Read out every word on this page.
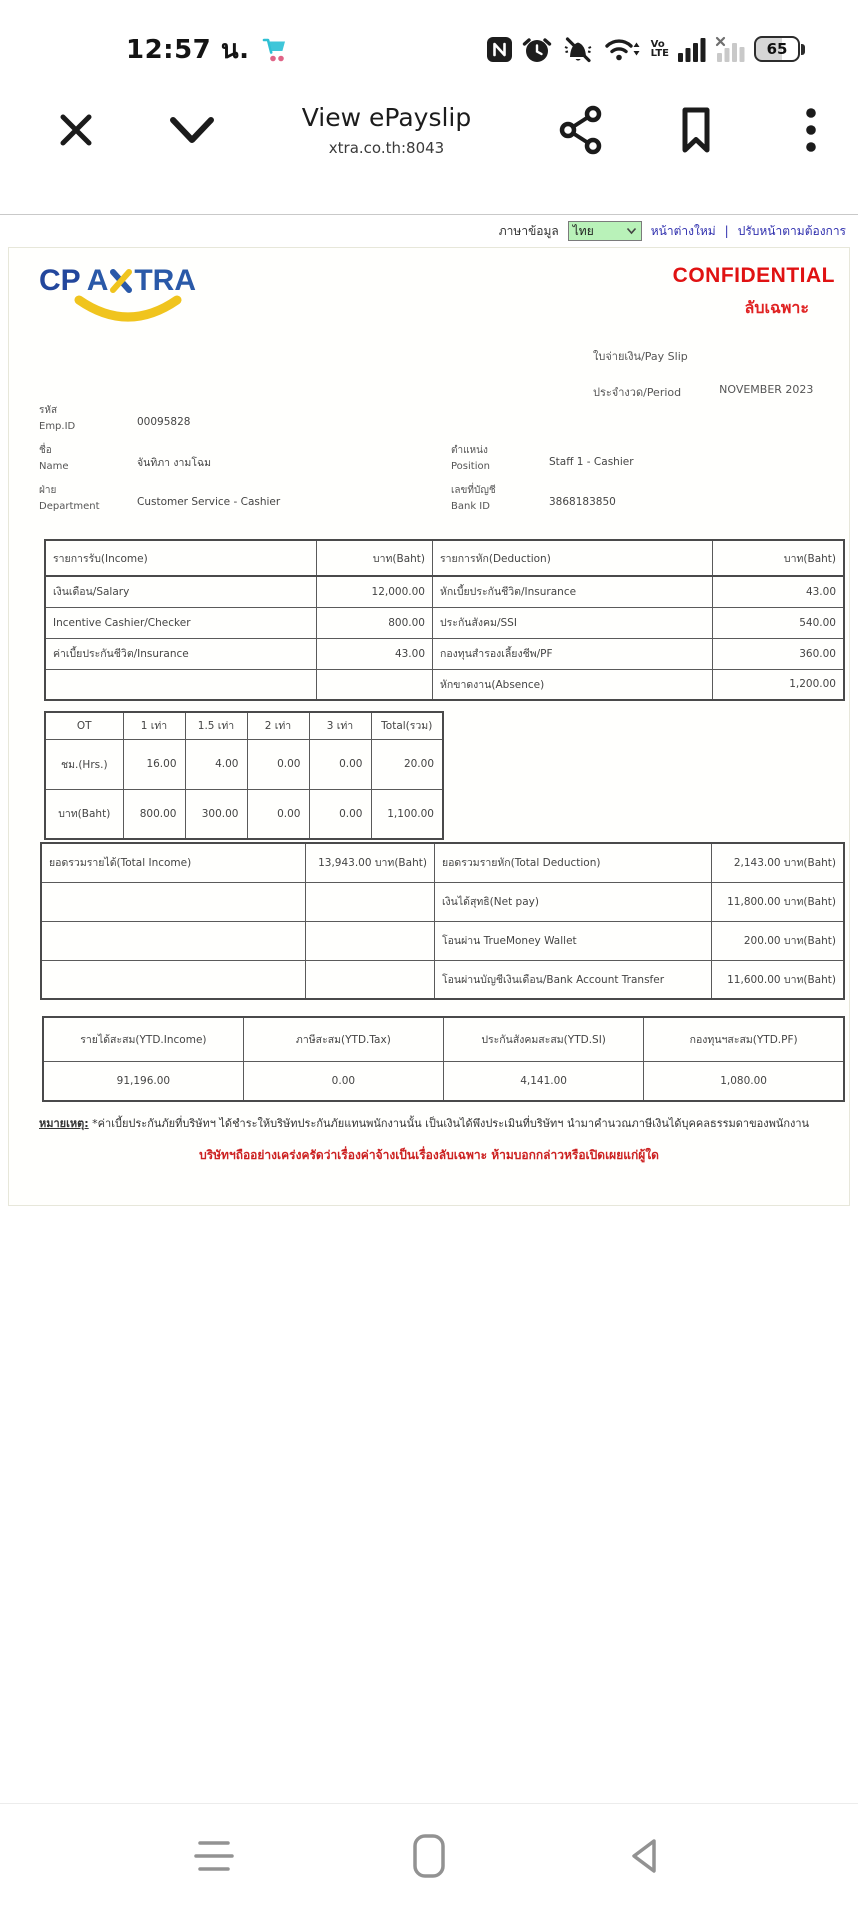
12:57 น.	Vo
LTE	65
View ePayslip
xtra.co.th:8043
ภาษาข้อมูล ไทย	หน้าต่างใหม่ | ปรับหน้าตามต้องการ
CP A TRA	CONFIDENTIAL
ลับเฉพาะ
ใบจ่ายเงิน/Pay Slip
ประจำงวด/Period	NOVEMBER 2023
รหัส
Emp.ID	00095828
ชื่อ
Name	จันทิภา งามโฉม
ตำแหน่ง
Position	Staff 1 - Cashier
ฝ่าย
Department	Customer Service - Cashier
เลขที่บัญชี
Bank ID	3868183850
รายการรับ(Income)	บาท(Baht)	รายการหัก(Deduction)	บาท(Baht)
เงินเดือน/Salary	12,000.00	หักเบี้ยประกันชีวิต/Insurance	43.00
Incentive Cashier/Checker	800.00	ประกันสังคม/SSI	540.00
ค่าเบี้ยประกันชีวิต/Insurance	43.00	กองทุนสำรองเลี้ยงชีพ/PF	360.00
		หักขาดงาน(Absence)	1,200.00
OT	1 เท่า	1.5 เท่า	2 เท่า	3 เท่า	Total(รวม)
ชม.(Hrs.)	16.00	4.00	0.00	0.00	20.00
บาท(Baht)	800.00	300.00	0.00	0.00	1,100.00
ยอดรวมรายได้(Total Income)	13,943.00 บาท(Baht)	ยอดรวมรายหัก(Total Deduction)	2,143.00 บาท(Baht)
		เงินได้สุทธิ(Net pay)	11,800.00 บาท(Baht)
		โอนผ่าน TrueMoney Wallet	200.00 บาท(Baht)
		โอนผ่านบัญชีเงินเดือน/Bank Account Transfer	11,600.00 บาท(Baht)
รายได้สะสม(YTD.Income)	ภาษีสะสม(YTD.Tax)	ประกันสังคมสะสม(YTD.SI)	กองทุนฯสะสม(YTD.PF)
91,196.00	0.00	4,141.00	1,080.00
หมายเหตุ: *ค่าเบี้ยประกันภัยที่บริษัทฯ ได้ชำระให้บริษัทประกันภัยแทนพนักงานนั้น เป็นเงินได้พึงประเมินที่บริษัทฯ นำมาคำนวณภาษีเงินได้บุคคลธรรมดาของพนักงาน
บริษัทฯถืออย่างเคร่งครัดว่าเรื่องค่าจ้างเป็นเรื่องลับเฉพาะ ห้ามบอกกล่าวหรือเปิดเผยแก่ผู้ใด
